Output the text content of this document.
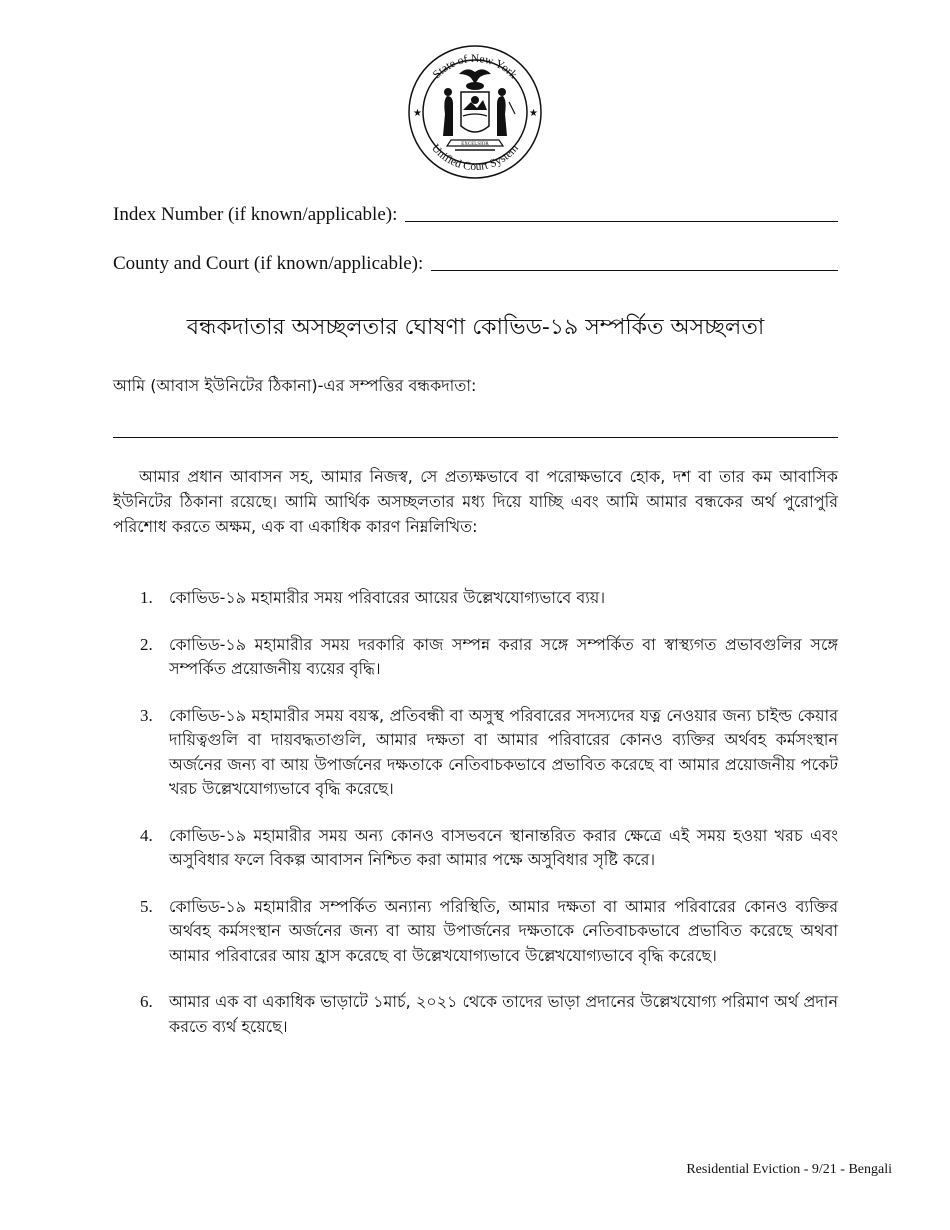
State of New York
Unified Court System
★	★
EXCELSIOR
Index Number (if known/applicable):
County and Court (if known/applicable):
বন্ধকদাতার অসচ্ছলতার ঘোষণা কোভিড-১৯ সম্পর্কিত অসচ্ছলতা
আমি (আবাস ইউনিটের ঠিকানা)-এর সম্পত্তির বন্ধকদাতা:
আমার প্রধান আবাসন সহ, আমার নিজস্ব, সে প্রত্যক্ষভাবে বা পরোক্ষভাবে হোক, দশ বা তার কম আবাসিক ইউনিটের ঠিকানা রয়েছে। আমি আর্থিক অসচ্ছলতার মধ্য দিয়ে যাচ্ছি এবং আমি আমার বন্ধকের অর্থ পুরোপুরি পরিশোধ করতে অক্ষম, এক বা একাধিক কারণ নিম্নলিখিত:
1. কোভিড-১৯ মহামারীর সময় পরিবারের আয়ের উল্লেখযোগ্যভাবে ব্যয়।
2. কোভিড-১৯ মহামারীর সময় দরকারি কাজ সম্পন্ন করার সঙ্গে সম্পর্কিত বা স্বাস্থ্যগত প্রভাবগুলির সঙ্গে সম্পর্কিত প্রয়োজনীয় ব্যয়ের বৃদ্ধি।
3. কোভিড-১৯ মহামারীর সময় বয়স্ক, প্রতিবন্ধী বা অসুস্থ পরিবারের সদস্যদের যত্ন নেওয়ার জন্য চাইল্ড কেয়ার দায়িত্বগুলি বা দায়বদ্ধতাগুলি, আমার দক্ষতা বা আমার পরিবারের কোনও ব্যক্তির অর্থবহ কর্মসংস্থান অর্জনের জন্য বা আয় উপার্জনের দক্ষতাকে নেতিবাচকভাবে প্রভাবিত করেছে বা আমার প্রয়োজনীয় পকেট খরচ উল্লেখযোগ্যভাবে বৃদ্ধি করেছে।
4. কোভিড-১৯ মহামারীর সময় অন্য কোনও বাসভবনে স্থানান্তরিত করার ক্ষেত্রে এই সময় হওয়া খরচ এবং অসুবিধার ফলে বিকল্প আবাসন নিশ্চিত করা আমার পক্ষে অসুবিধার সৃষ্টি করে।
5. কোভিড-১৯ মহামারীর সম্পর্কিত অন্যান্য পরিস্থিতি, আমার দক্ষতা বা আমার পরিবারের কোনও ব্যক্তির অর্থবহ কর্মসংস্থান অর্জনের জন্য বা আয় উপার্জনের দক্ষতাকে নেতিবাচকভাবে প্রভাবিত করেছে অথবা আমার পরিবারের আয় হ্রাস করেছে বা উল্লেখযোগ্যভাবে উল্লেখযোগ্যভাবে বৃদ্ধি করেছে।
6. আমার এক বা একাধিক ভাড়াটে ১মার্চ, ২০২১ থেকে তাদের ভাড়া প্রদানের উল্লেখযোগ্য পরিমাণ অর্থ প্রদান করতে ব্যর্থ হয়েছে।
Residential Eviction - 9/21 - Bengali
